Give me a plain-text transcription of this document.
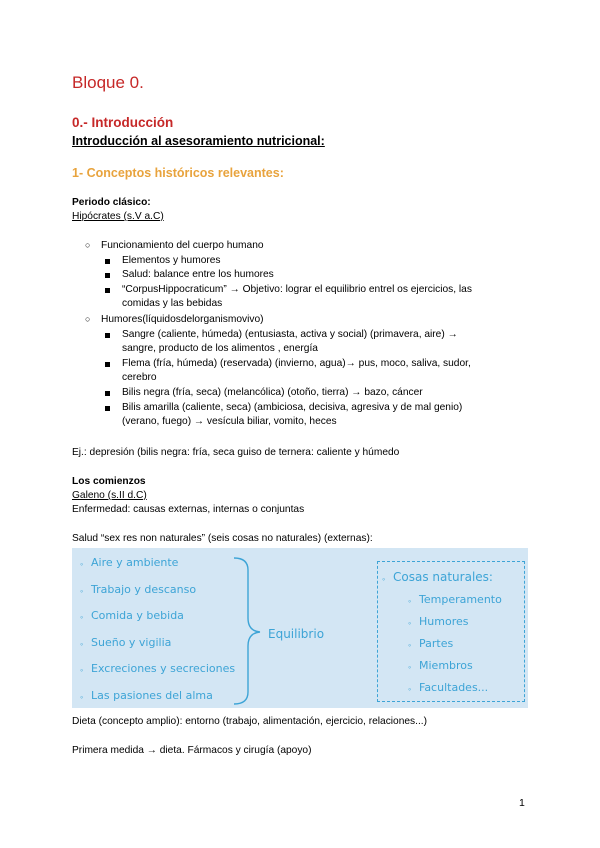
Bloque 0.
0.- Introducción
Introducción al asesoramiento nutricional:
1- Conceptos históricos relevantes:
Periodo clásico:
Hipócrates (s.V a.C)
○ Funcionamiento del cuerpo humano
Elementos y humores
Salud: balance entre los humores
“CorpusHippocraticum” → Objetivo: lograr el equilibrio entrel os ejercicios, las
comidas y las bebidas
○ Humores(líquidosdelorganismovivo)
Sangre (caliente, húmeda) (entusiasta, activa y social) (primavera, aire) →
sangre, producto de los alimentos , energía
Flema (fría, húmeda) (reservada) (invierno, agua)→ pus, moco, saliva, sudor,
cerebro
Bilis negra (fría, seca) (melancólica) (otoño, tierra) → bazo, cáncer
Bilis amarilla (caliente, seca) (ambiciosa, decisiva, agresiva y de mal genio)
(verano, fuego) → vesícula biliar, vomito, heces
Ej.: depresión (bilis negra: fría, seca guiso de ternera: caliente y húmedo
Los comienzos
Galeno (s.II d.C)
Enfermedad: causas externas, internas o conjuntas
Salud “sex res non naturales” (seis cosas no naturales) (externas):
◦ Aire y ambiente
◦ Trabajo y descanso
◦ Comida y bebida
◦ Sueño y vigilia
◦ Excreciones y secreciones
◦ Las pasiones del alma
Equilibrio
◦ Cosas naturales:
◦ Temperamento
◦ Humores
◦ Partes
◦ Miembros
◦ Facultades...
Dieta (concepto amplio): entorno (trabajo, alimentación, ejercicio, relaciones...)
Primera medida → dieta. Fármacos y cirugía (apoyo)
1
